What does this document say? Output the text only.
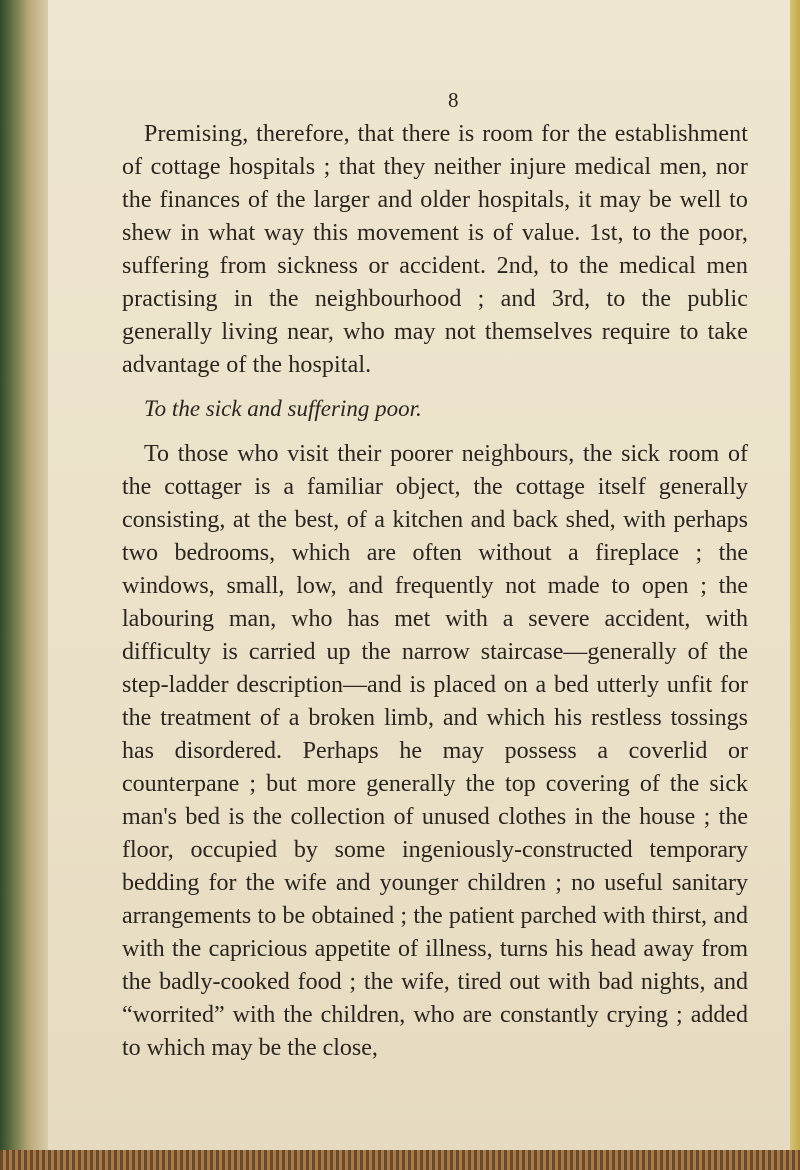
8

Premising, therefore, that there is room for the establishment of cottage hospitals ; that they neither injure medical men, nor the finances of the larger and older hospitals, it may be well to shew in what way this movement is of value. 1st, to the poor, suffering from sickness or accident. 2nd, to the medical men practising in the neighbourhood ; and 3rd, to the public generally living near, who may not themselves require to take advantage of the hospital.

To the sick and suffering poor.

To those who visit their poorer neighbours, the sick room of the cottager is a familiar object, the cottage itself generally consisting, at the best, of a kitchen and back shed, with perhaps two bedrooms, which are often without a fireplace ; the windows, small, low, and frequently not made to open ; the labouring man, who has met with a severe accident, with difficulty is carried up the narrow staircase—generally of the step-ladder description—and is placed on a bed utterly unfit for the treatment of a broken limb, and which his restless tossings has disordered. Perhaps he may possess a coverlid or counterpane ; but more generally the top covering of the sick man's bed is the collection of unused clothes in the house ; the floor, occupied by some ingeniously-constructed temporary bedding for the wife and younger children ; no useful sanitary arrangements to be obtained ; the patient parched with thirst, and with the capricious appetite of illness, turns his head away from the badly-cooked food ; the wife, tired out with bad nights, and “worrited” with the children, who are constantly crying ; added to which may be the close,
